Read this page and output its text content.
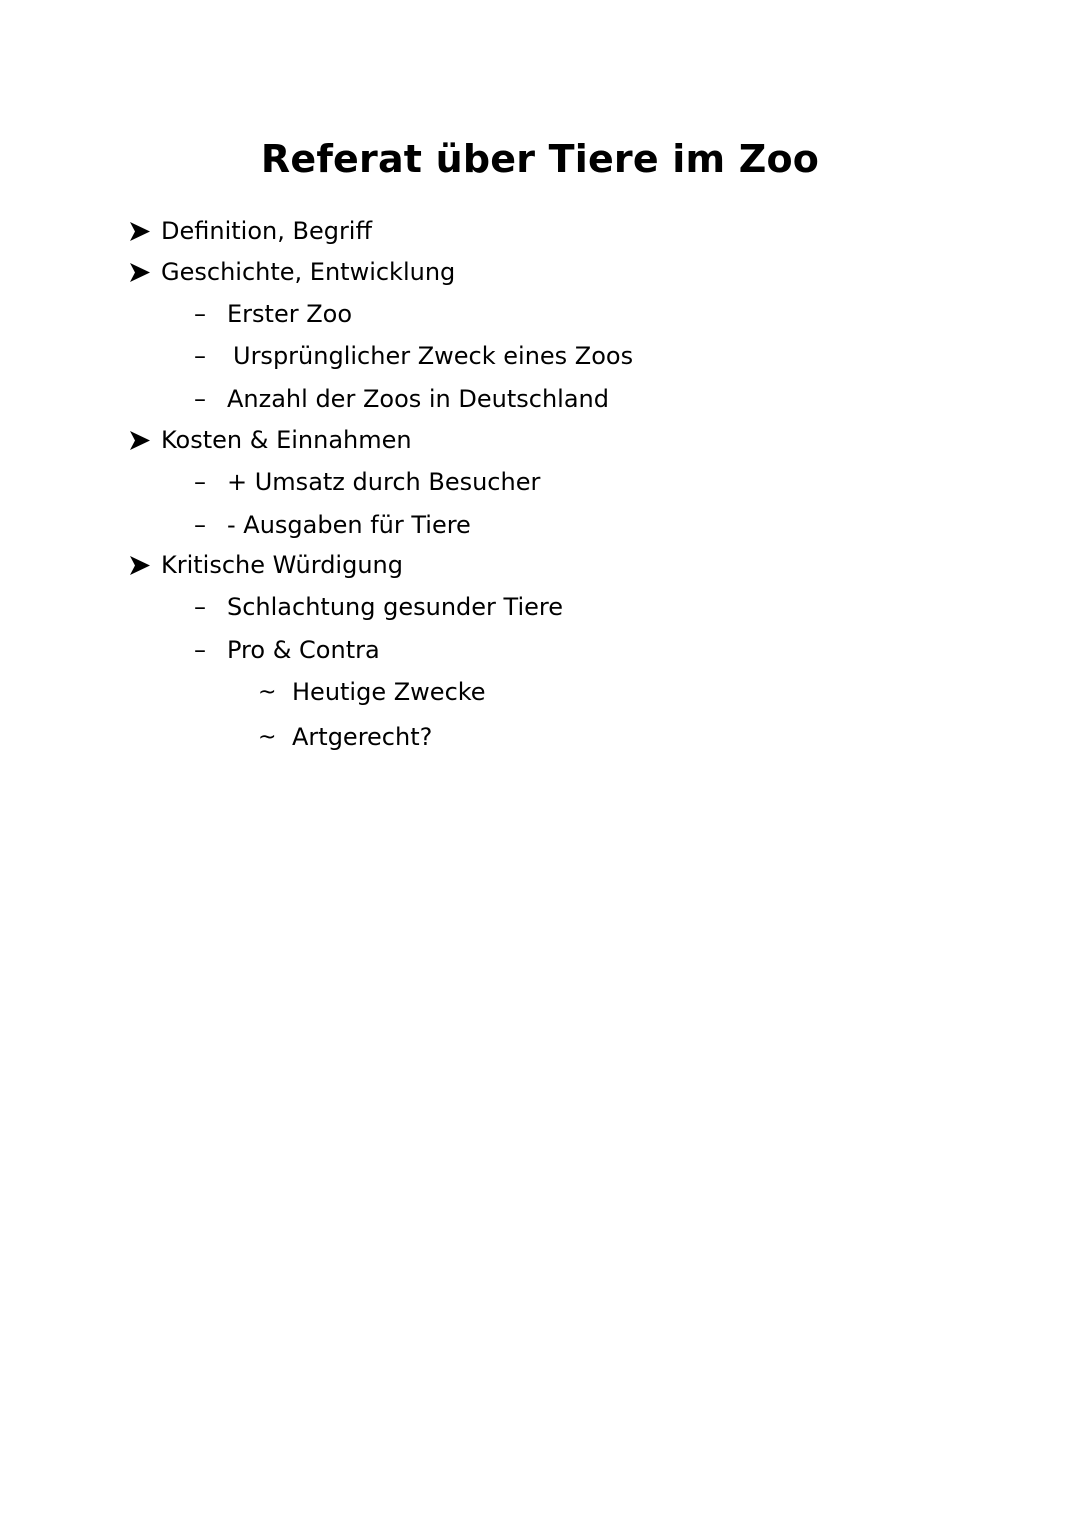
Referat über Tiere im Zoo
Definition, Begriff
Geschichte, Entwicklung
– Erster Zoo
– Ursprünglicher Zweck eines Zoos
– Anzahl der Zoos in Deutschland
Kosten & Einnahmen
– + Umsatz durch Besucher
– - Ausgaben für Tiere
Kritische Würdigung
– Schlachtung gesunder Tiere
– Pro & Contra
~ Heutige Zwecke
~ Artgerecht?
